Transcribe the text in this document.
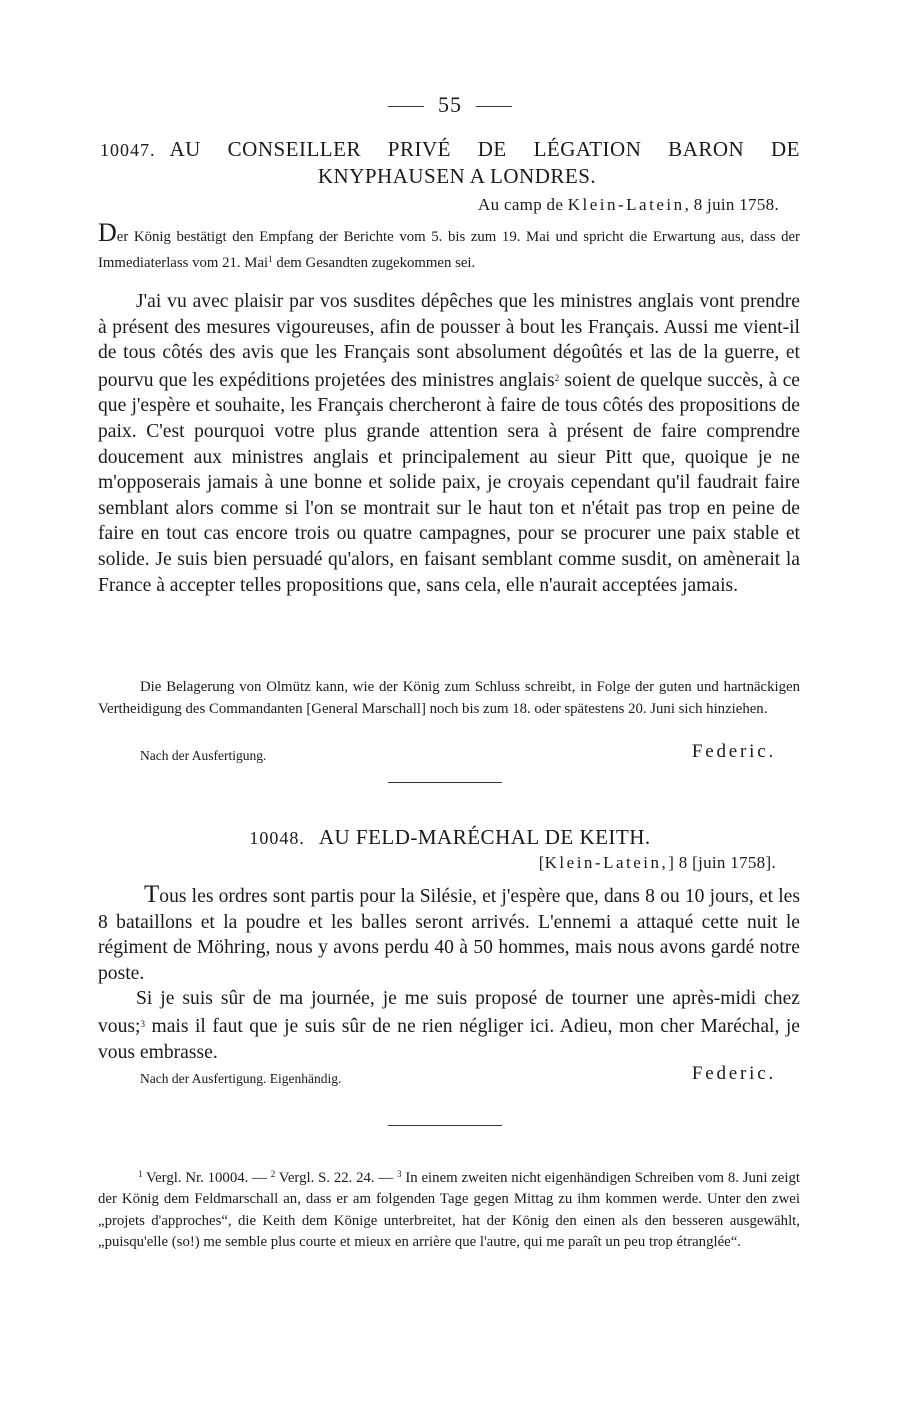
55
10047. AU CONSEILLER PRIVÉ DE LÉGATION BARON DE
KNYPHAUSEN A LONDRES.
Au camp de Klein-Latein, 8 juin 1758.
Der König bestätigt den Empfang der Berichte vom 5. bis zum 19. Mai und spricht die Erwartung aus, dass der Immediaterlass vom 21. Mai$^1$ dem Gesandten zugekommen sei.

J'ai vu avec plaisir par vos susdites dépêches que les ministres anglais vont prendre à présent des mesures vigoureuses, afin de pousser à bout les Français. Aussi me vient-il de tous côtés des avis que les Français sont absolument dégoûtés et las de la guerre, et pourvu que les expéditions projetées des ministres anglais$^2$ soient de quelque succès, à ce que j'espère et souhaite, les Français chercheront à faire de tous côtés des propositions de paix. C'est pourquoi votre plus grande attention sera à présent de faire comprendre doucement aux ministres anglais et principalement au sieur Pitt que, quoique je ne m'opposerais jamais à une bonne et solide paix, je croyais cependant qu'il faudrait faire semblant alors comme si l'on se montrait sur le haut ton et n'était pas trop en peine de faire en tout cas encore trois ou quatre campagnes, pour se procurer une paix stable et solide. Je suis bien persuadé qu'alors, en faisant semblant comme susdit, on amènerait la France à accepter telles propositions que, sans cela, elle n'aurait acceptées jamais.

Die Belagerung von Olmütz kann, wie der König zum Schluss schreibt, in Folge der guten und hartnäckigen Vertheidigung des Commandanten [General Marschall] noch bis zum 18. oder spätestens 20. Juni sich hinziehen.
Nach der Ausfertigung.	Federic.
10048. AU FELD-MARÉCHAL DE KEITH.
[Klein-Latein,] 8 [juin 1758].

Tous les ordres sont partis pour la Silésie, et j'espère que, dans 8 ou 10 jours, et les 8 bataillons et la poudre et les balles seront arrivés. L'ennemi a attaqué cette nuit le régiment de Möhring, nous y avons perdu 40 à 50 hommes, mais nous avons gardé notre poste.

Si je suis sûr de ma journée, je me suis proposé de tourner une après-midi chez vous;$^3$ mais il faut que je suis sûr de ne rien négliger ici. Adieu, mon cher Maréchal, je vous embrasse.

Nach der Ausfertigung. Eigenhändig.	Federic.

$^1$ Vergl. Nr. 10004. — $^2$ Vergl. S. 22. 24. — $^3$ In einem zweiten nicht eigenhändigen Schreiben vom 8. Juni zeigt der König dem Feldmarschall an, dass er am folgenden Tage gegen Mittag zu ihm kommen werde. Unter den zwei „projets d'approches“, die Keith dem Könige unterbreitet, hat der König den einen als den besseren ausgewählt, „puisqu'elle (so!) me semble plus courte et mieux en arrière que l'autre, qui me paraît un peu trop étranglée“.
